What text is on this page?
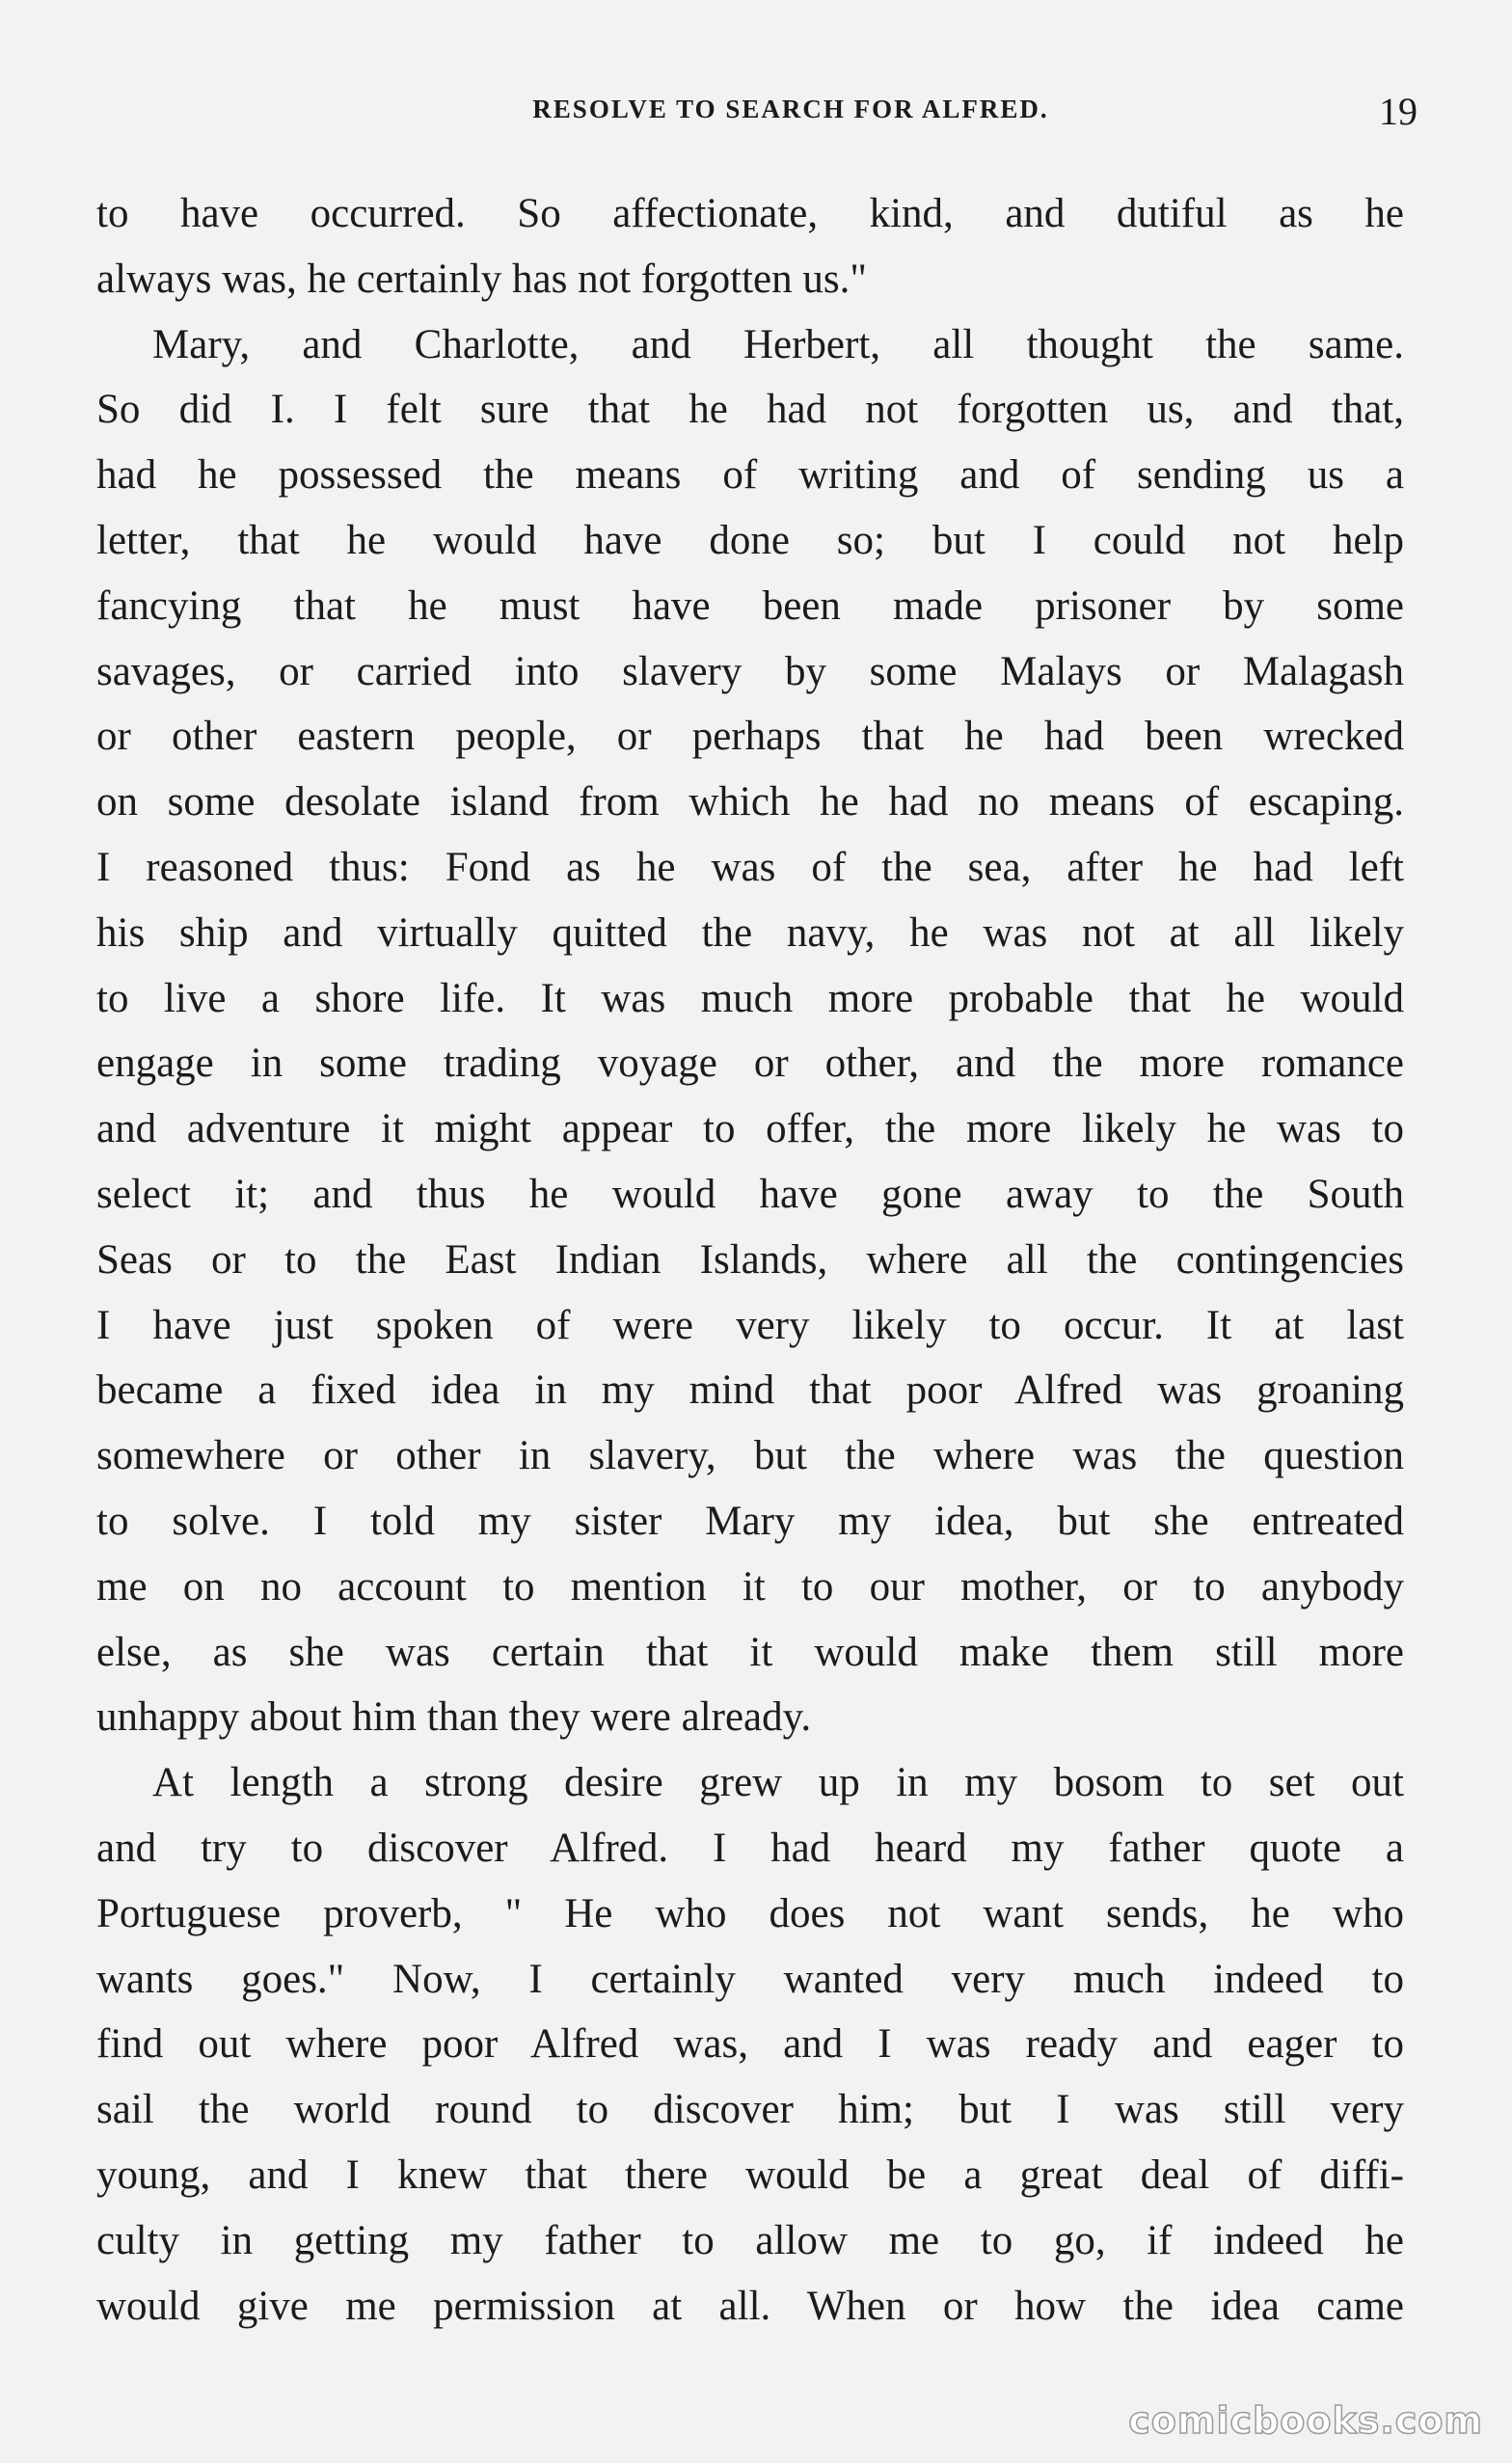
RESOLVE TO SEARCH FOR ALFRED.	19
to have occurred. So affectionate, kind, and dutiful as he
always was, he certainly has not forgotten us."
Mary, and Charlotte, and Herbert, all thought the same.
So did I. I felt sure that he had not forgotten us, and that,
had he possessed the means of writing and of sending us a
letter, that he would have done so; but I could not help
fancying that he must have been made prisoner by some
savages, or carried into slavery by some Malays or Malagash
or other eastern people, or perhaps that he had been wrecked
on some desolate island from which he had no means of escaping.
I reasoned thus: Fond as he was of the sea, after he had left
his ship and virtually quitted the navy, he was not at all likely
to live a shore life. It was much more probable that he would
engage in some trading voyage or other, and the more romance
and adventure it might appear to offer, the more likely he was to
select it; and thus he would have gone away to the South
Seas or to the East Indian Islands, where all the contingencies
I have just spoken of were very likely to occur. It at last
became a fixed idea in my mind that poor Alfred was groaning
somewhere or other in slavery, but the where was the question
to solve. I told my sister Mary my idea, but she entreated
me on no account to mention it to our mother, or to anybody
else, as she was certain that it would make them still more
unhappy about him than they were already.
At length a strong desire grew up in my bosom to set out
and try to discover Alfred. I had heard my father quote a
Portuguese proverb, " He who does not want sends, he who
wants goes." Now, I certainly wanted very much indeed to
find out where poor Alfred was, and I was ready and eager to
sail the world round to discover him; but I was still very
young, and I knew that there would be a great deal of diffi-
culty in getting my father to allow me to go, if indeed he
would give me permission at all. When or how the idea came
comicbooks.com
